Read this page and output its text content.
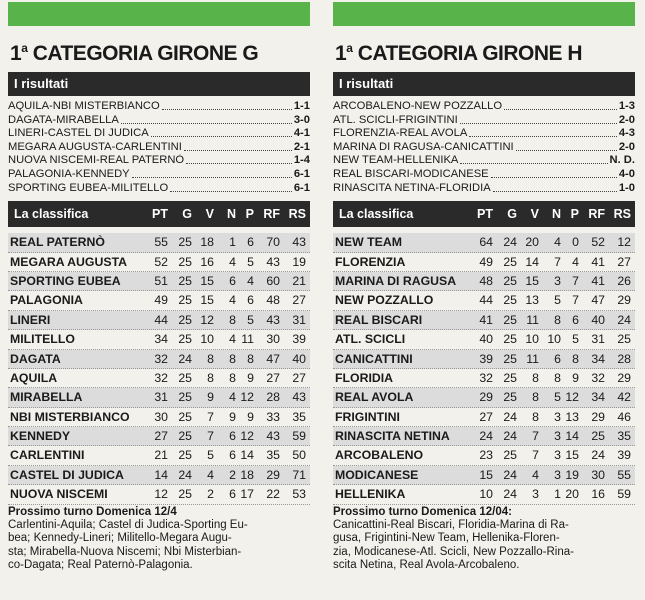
1$^a$ CATEGORIA GIRONE G
I risultati
AQUILA-NBI MISTERBIANCO	1-1
DAGATA-MIRABELLA	3-0
LINERI-CASTEL DI JUDICA	4-1
MEGARA AUGUSTA-CARLENTINI	2-1
NUOVA NISCEMI-REAL PATERNÒ	1-4
PALAGONIA-KENNEDY	6-1
SPORTING EUBEA-MILITELLO	6-1
La classifica	PT	G	V	N P RF RS
REAL PATERNÒ	55 25 18	1 6	70	43
MEGARA AUGUSTA	52 25 16	4 5	43	19
SPORTING EUBEA	51 25 15	6 4	60	21
PALAGONIA	49 25 15	4 6	48	27
LINERI	44 25 12	8 5	43	31
MILITELLO	34 25 10	4 11	30	39
DAGATA	32 24	8	8 8	47	40
AQUILA	32 25	8	8 9	27	27
MIRABELLA	31 25	9	4 12	28	43
NBI MISTERBIANCO	30 25	7	9 9	33	35
KENNEDY	27 25	7	6 12	43	59
CARLENTINI	21 25	5	6 14	35	50
CASTEL DI JUDICA	14 24	4	2 18	29	71
NUOVA NISCEMI	12 25	2	6 17	22	53
Prossimo turno Domenica 12/4
Carlentini-Aquila; Castel di Judica-Sporting Eu-
bea; Kennedy-Lineri; Militello-Megara Augu-
sta; Mirabella-Nuova Niscemi; Nbi Misterbian-
co-Dagata; Real Paternò-Palagonia.
1$^a$ CATEGORIA GIRONE H
I risultati
ARCOBALENO-NEW POZZALLO	1-3
ATL. SCICLI-FRIGINTINI	2-0
FLORENZIA-REAL AVOLA	4-3
MARINA DI RAGUSA-CANICATTINI	2-0
NEW TEAM-HELLENIKA	N. D.
REAL BISCARI-MODICANESE	4-0
RINASCITA NETINA-FLORIDIA	1-0
La classifica	PT	G	V	N P RF RS
NEW TEAM	64 24 20	4 0	52	12
FLORENZIA	49 25 14	7 4	41	27
MARINA DI RAGUSA	48 25 15	3 7	41	26
NEW POZZALLO	44 25 13	5 7	47	29
REAL BISCARI	41 25 11	8 6	40	24
ATL. SCICLI	40 25 10 10 5	31	25
CANICATTINI	39 25 11	6 8	34	28
FLORIDIA	32 25	8	8 9	32	29
REAL AVOLA	29 25	8	5 12	34	42
FRIGINTINI	27 24	8	3 13	29	46
RINASCITA NETINA	24 24	7	3 14	25	35
ARCOBALENO	23 25	7	3 15	24	39
MODICANESE	15 24	4	3 19	30	55
HELLENIKA	10 24	3	1 20	16	59
Prossimo turno Domenica 12/04:
Canicattini-Real Biscari, Floridia-Marina di Ra-
gusa, Frigintini-New Team, Hellenika-Floren-
zia, Modicanese-Atl. Scicli, New Pozzallo-Rina-
scita Netina, Real Avola-Arcobaleno.
